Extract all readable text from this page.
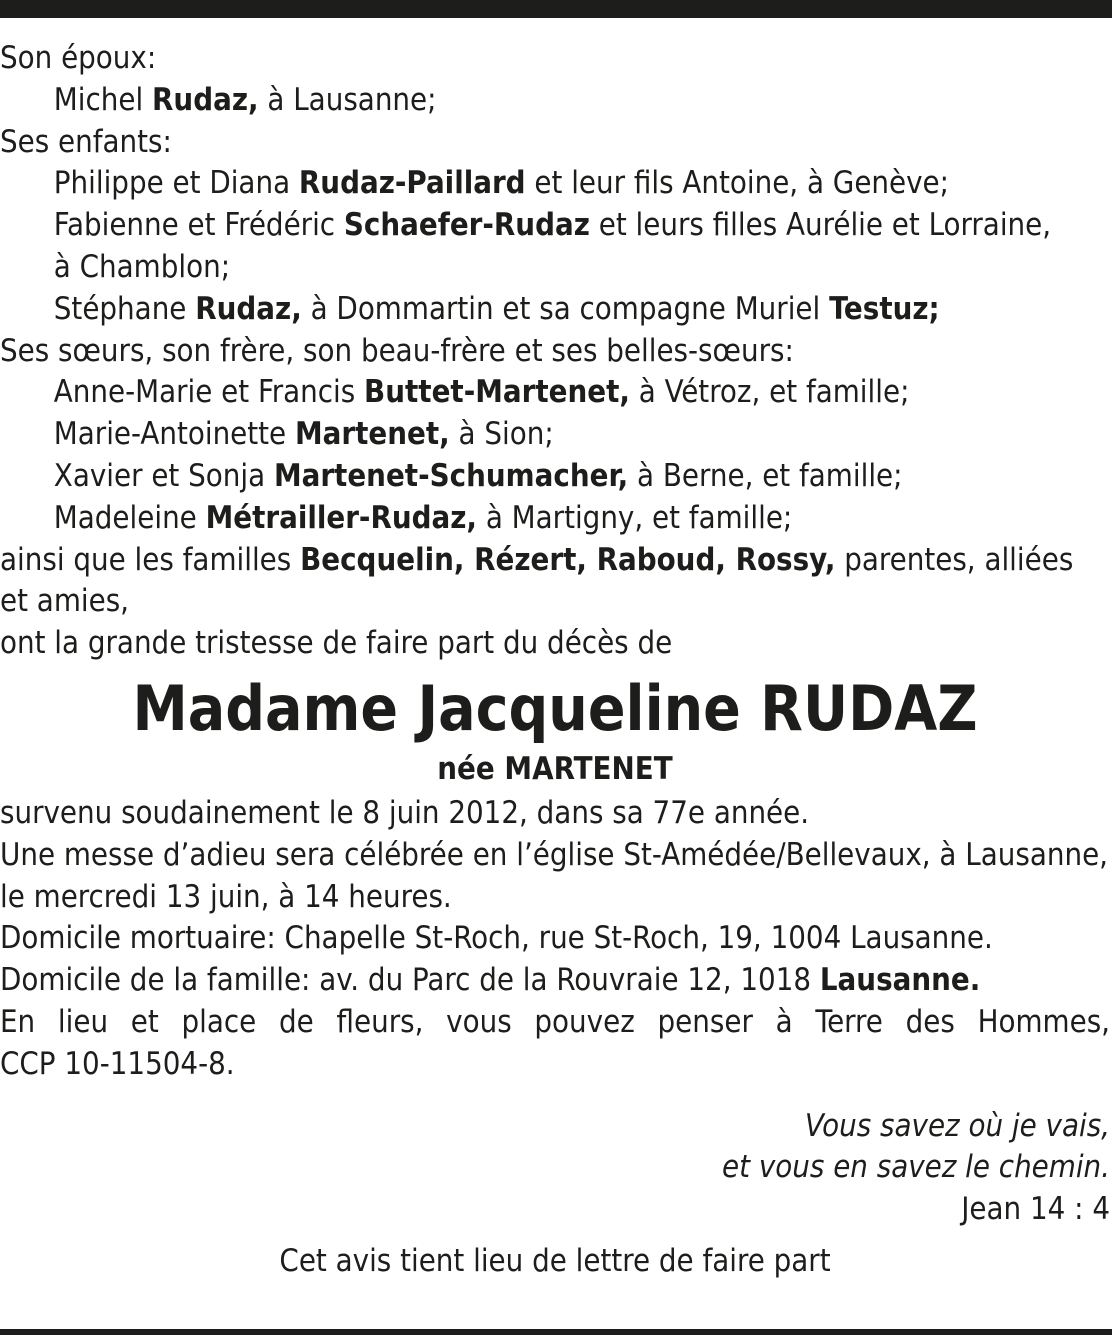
Son époux:
Michel Rudaz, à Lausanne;
Ses enfants:
Philippe et Diana Rudaz-Paillard et leur fils Antoine, à Genève;
Fabienne et Frédéric Schaefer-Rudaz et leurs filles Aurélie et Lorraine,
à Chamblon;
Stéphane Rudaz, à Dommartin et sa compagne Muriel Testuz;
Ses sœurs, son frère, son beau-frère et ses belles-sœurs:
Anne-Marie et Francis Buttet-Martenet, à Vétroz, et famille;
Marie-Antoinette Martenet, à Sion;
Xavier et Sonja Martenet-Schumacher, à Berne, et famille;
Madeleine Métrailler-Rudaz, à Martigny, et famille;
ainsi que les familles Becquelin, Rézert, Raboud, Rossy, parentes, alliées
et amies,
ont la grande tristesse de faire part du décès de
Madame Jacqueline RUDAZ
née MARTENET
survenu soudainement le 8 juin 2012, dans sa 77e année.
Une messe d’adieu sera célébrée en l’église St-Amédée/Bellevaux, à Lausanne,
le mercredi 13 juin, à 14 heures.
Domicile mortuaire: Chapelle St-Roch, rue St-Roch, 19, 1004 Lausanne.
Domicile de la famille: av. du Parc de la Rouvraie 12, 1018 Lausanne.
En lieu et place de fleurs, vous pouvez penser à Terre des Hommes,
CCP 10-11504-8.
Vous savez où je vais,
et vous en savez le chemin.
Jean 14 : 4
Cet avis tient lieu de lettre de faire part
